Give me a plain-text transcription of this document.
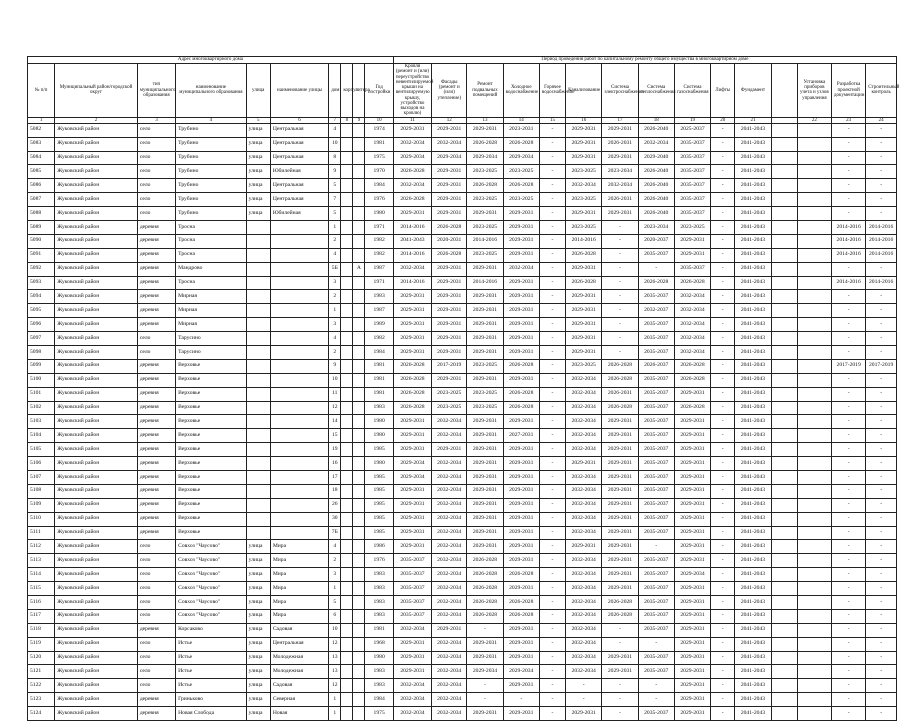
Адрес многоквартирного дома										Период проведения работ по капитальному ремонту общего имущества в многоквартирном доме														
№ п/п	Муниципальный район/городской округ	тип муниципального образования	наименование муниципального образования	улица	наименование улицы	дом	корпус	литера	Год постройки	Кровля (ремонт и (или) переустройство невентилируемой крыши на вентилируемую крышу, устройство выходов на кровлю)	Фасады (ремонт и (или) утепление)	Ремонт подвальных помещений	Холодное водоснабжение	Горячее водоснабжение	Канализование	Система электроснабжения	Система теплоснабжения	Система газоснабжения	Лифты	Фундамент		Установка приборов учета и узлов управления	Разработка проектной документации	Строительный контроль
1	2	3	4	5	6	7	8	9	10	11	12	13	14	15	16	17	18	19	20	21		22	23	24
5082	Жуковский район	село	Трубино	улица	Центральная	4			1974	2029-2031	2029-2031	2029-2031	2023-2031	-	2029-2031	2029-2031	2026-2040	2025-2037	-	2041-2043			-	-
5083	Жуковский район	село	Трубино	улица	Центральная	10			1981	2032-2034	2032-2034	2026-2028	2026-2028	-	2029-2031	2026-2031	2032-2034	2035-2037	-	2041-2043			-	-
5084	Жуковский район	село	Трубино	улица	Центральная	8			1975	2029-2034	2029-2034	2029-2034	2029-2034	-	2029-2031	2029-2031	2029-2040	2035-2037	-	2041-2043			-	-
5085	Жуковский район	село	Трубино	улица	Юбилейная	9			1970	2026-2028	2029-2031	2023-2025	2023-2025	-	2023-2025	2023-2034	2026-2040	2035-2037	-	2041-2043			-	-
5086	Жуковский район	село	Трубино	улица	Центральная	5			1984	2032-2034	2029-2031	2026-2028	2026-2028	-	2032-2034	2032-2034	2026-2040	2035-2037	-	2041-2043			-	-
5087	Жуковский район	село	Трубино	улица	Центральная	7			1976	2026-2028	2029-2031	2023-2025	2023-2025	-	2023-2025	2026-2031	2026-2040	2035-2037	-	2041-2043			-	-
5088	Жуковский район	село	Трубино	улица	Юбилейная	5			1980	2029-2031	2029-2031	2029-2031	2029-2031	-	2029-2031	2029-2031	2026-2040	2035-2037	-	2041-2043			-	-
5089	Жуковский район	деревня	Тросна			1			1971	2014-2016	2026-2028	2023-2025	2029-2031	-	2023-2025	-	2023-2034	2023-2025	-	2041-2043			2014-2016	2014-2016
5090	Жуковский район	деревня	Тросна			2			1982	2041-2043	2020-2031	2014-2016	2029-2031	-	2014-2016	-	2020-2037	2029-2031	-	2041-2043			2014-2016	2014-2016
5091	Жуковский район	деревня	Тросна			4			1982	2014-2016	2026-2028	2023-2025	2029-2031	-	2026-2028	-	2035-2037	2029-2031	-	2041-2043			2014-2016	2014-2016
5092	Жуковский район	деревня	Мандрово			5Б		А	1987	2032-2034	2029-2031	2029-2031	2032-2034	-	2029-2031	-	-	2035-2037	-	2041-2043			-	-
5093	Жуковский район	деревня	Тросна			3			1971	2014-2016	2029-2031	2014-2016	2029-2031	-	2026-2028	-	2026-2028	2026-2028	-	2041-2043			2014-2016	2014-2016
5094	Жуковский район	деревня	Мирная			2			1983	2029-2031	2029-2031	2029-2031	2029-2031	-	2029-2031	-	2035-2037	2032-2034	-	2041-2043			-	-
5095	Жуковский район	деревня	Мирная			1			1987	2029-2031	2029-2031	2029-2031	2029-2031	-	2029-2031	-	2032-2037	2032-2034	-	2041-2043			-	-
5096	Жуковский район	деревня	Мирная			3			1989	2029-2031	2029-2031	2029-2031	2029-2031	-	2029-2031	-	2035-2037	2032-2034	-	2041-2043			-	-
5097	Жуковский район	село	Тарусино			4			1982	2029-2031	2029-2031	2029-2031	2029-2031	-	2029-2031	-	2035-2037	2032-2034	-	2041-2043			-	-
5098	Жуковский район	село	Тарусино			2			1984	2029-2031	2029-2031	2029-2031	2029-2031	-	2029-2031	-	2035-2037	2032-2034	-	2041-2043			-	-
5099	Жуковский район	деревня	Верховье			9			1981	2026-2028	2017-2019	2023-2025	2026-2028	-	2023-2025	2026-2028	2026-2037	2026-2028	-	2041-2043			2017-2019	2017-2019
5100	Жуковский район	деревня	Верховье			10			1981	2026-2028	2029-2031	2029-2031	2029-2031	-	2032-2034	2026-2028	2035-2037	2026-2028	-	2041-2043			-	-
5101	Жуковский район	деревня	Верховье			11			1981	2026-2028	2023-2025	2023-2025	2026-2028	-	2032-2034	2026-2031	2035-2037	2029-2031	-	2041-2043			-	-
5102	Жуковский район	деревня	Верховье			12			1983	2026-2028	2023-2025	2023-2025	2026-2028	-	2032-2034	2026-2028	2035-2037	2026-2028	-	2041-2043			-	-
5103	Жуковский район	деревня	Верховье			14			1980	2029-2031	2032-2034	2029-2031	2029-2031	-	2032-2034	2029-2031	2035-2037	2029-2031	-	2041-2043			-	-
5104	Жуковский район	деревня	Верховье			15			1980	2029-2031	2032-2034	2029-2031	2027-2031	-	2032-2034	2029-2031	2035-2037	2029-2031	-	2041-2043			-	-
5105	Жуковский район	деревня	Верховье			19			1985	2029-2031	2029-2031	2029-2031	2029-2031	-	2032-2034	2029-2031	2035-2037	2029-2031	-	2041-2043			-	-
5106	Жуковский район	деревня	Верховье			16			1980	2029-2034	2032-2034	2029-2031	2029-2031	-	2029-2031	2029-2031	2035-2037	2029-2031	-	2041-2043			-	-
5107	Жуковский район	деревня	Верховье			17			1985	2029-2034	2032-2034	2029-2031	2029-2031	-	2032-2034	2029-2031	2035-2037	2029-2031	-	2041-2043			-	-
5108	Жуковский район	деревня	Верховье			18			1985	2029-2031	2032-2034	2029-2031	2029-2031	-	2032-2034	2029-2031	2035-2037	2029-2031	-	2041-2043			-	-
5109	Жуковский район	деревня	Верховье			26			1985	2029-2031	2032-2034	2029-2031	2029-2031	-	2032-2034	2029-2031	2035-2037	2029-2031	-	2041-2043			-	-
5110	Жуковский район	деревня	Верховье			30			1985	2029-2031	2032-2034	2029-2031	2029-2031	-	2032-2034	2029-2031	2035-2037	2029-2031	-	2041-2043			-	-
5111	Жуковский район	деревня	Верховье			7Б			1985	2029-2031	2032-2034	2029-2031	2029-2031	-	2032-2034	2029-2031	2035-2037	2029-2031	-	2041-2043			-	-
5112	Жуковский район	село	Совхоз "Чаусово"	улица	Мира	4			1986	2029-2031	2032-2034	2029-2031	2029-2031	-	2029-2031	2029-2031	-	2029-2031	-	2041-2043			-	-
5113	Жуковский район	село	Совхоз "Чаусово"	улица	Мира	2			1976	2035-2037	2032-2034	2026-2028	2029-2031	-	2032-2034	2029-2031	2035-2037	2029-2031	-	2041-2043			-	-
5114	Жуковский район	село	Совхоз "Чаусово"	улица	Мира	3			1983	2035-2037	2032-2034	2026-2028	2026-2028	-	2032-2034	2029-2031	2035-2037	2029-2034	-	2041-2043			-	-
5115	Жуковский район	село	Совхоз "Чаусово"	улица	Мира	1			1983	2035-2037	2032-2034	2026-2028	2029-2031	-	2032-2034	2029-2031	2035-2037	2029-2031	-	2041-2043			-	-
5116	Жуковский район	село	Совхоз "Чаусово"	улица	Мира	5			1983	2035-2037	2032-2034	2026-2028	2026-2028	-	2032-2034	2026-2028	2035-2037	2029-2031	-	2041-2043			-	-
5117	Жуковский район	село	Совхоз "Чаусово"	улица	Мира	6			1983	2035-2037	2032-2034	2026-2028	2026-2028	-	2032-2034	2026-2028	2035-2037	2029-2031	-	2041-2043			-	-
5118	Жуковский район	деревня	Корсаково	улица	Садовая	10			1981	2032-2034	2029-2031	-	2029-2031	-	2032-2034	-	2035-2037	2029-2031	-	2041-2043			-	-
5119	Жуковский район	село	Истье	улица	Центральная	12			1968	2029-2031	2032-2034	2029-2031	2029-2031	-	2032-2034	-	-	2029-2031	-	2041-2043			-	-
5120	Жуковский район	село	Истье	улица	Молодежная	13			1980	2029-2031	2032-2034	2029-2031	2029-2031	-	2032-2034	2029-2031	2035-2037	2029-2031	-	2041-2043			-	-
5121	Жуковский район	село	Истье	улица	Молодежная	13			1983	2029-2031	2032-2034	2029-2034	2029-2034	-	2032-2034	2029-2031	2035-2037	2029-2031	-	2041-2043			-	-
5122	Жуковский район	село	Истье	улица	Садовая	12			1983	2032-2034	2032-2034	-	2029-2031	-	-	-	-	2029-2031	-	2041-2043			-	-
5123	Жуковский район	деревня	Гриньково	улица	Северная	1			1984	2032-2034	2032-2034	-	-	-	-	-	-	2029-2031	-	2041-2043			-	-
5124	Жуковский район	деревня	Новая Слобода	улица	Новая	1			1975	2032-2034	2032-2034	2029-2031	2029-2031	-	2029-2031	-	2035-2037	2029-2031	-	2041-2043			-	-
